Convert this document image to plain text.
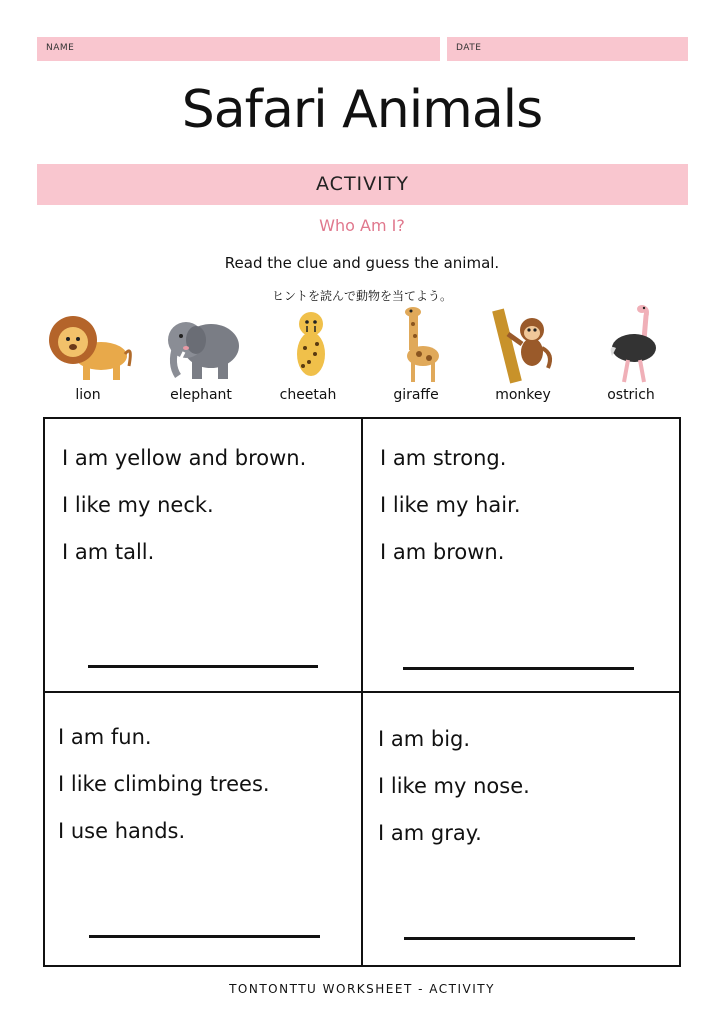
NAME	DATE
Safari Animals
ACTIVITY
Who Am I?
Read the clue and guess the animal.
ヒントを読んで動物を当てよう。
lion	elephant	cheetah	giraffe	monkey	ostrich
I am yellow and brown.
I like my neck.
I am tall.
I am strong.
I like my hair.
I am brown.
I am fun.
I like climbing trees.
I use hands.
I am big.
I like my nose.
I am gray.
TONTONTTU WORKSHEET - ACTIVITY
